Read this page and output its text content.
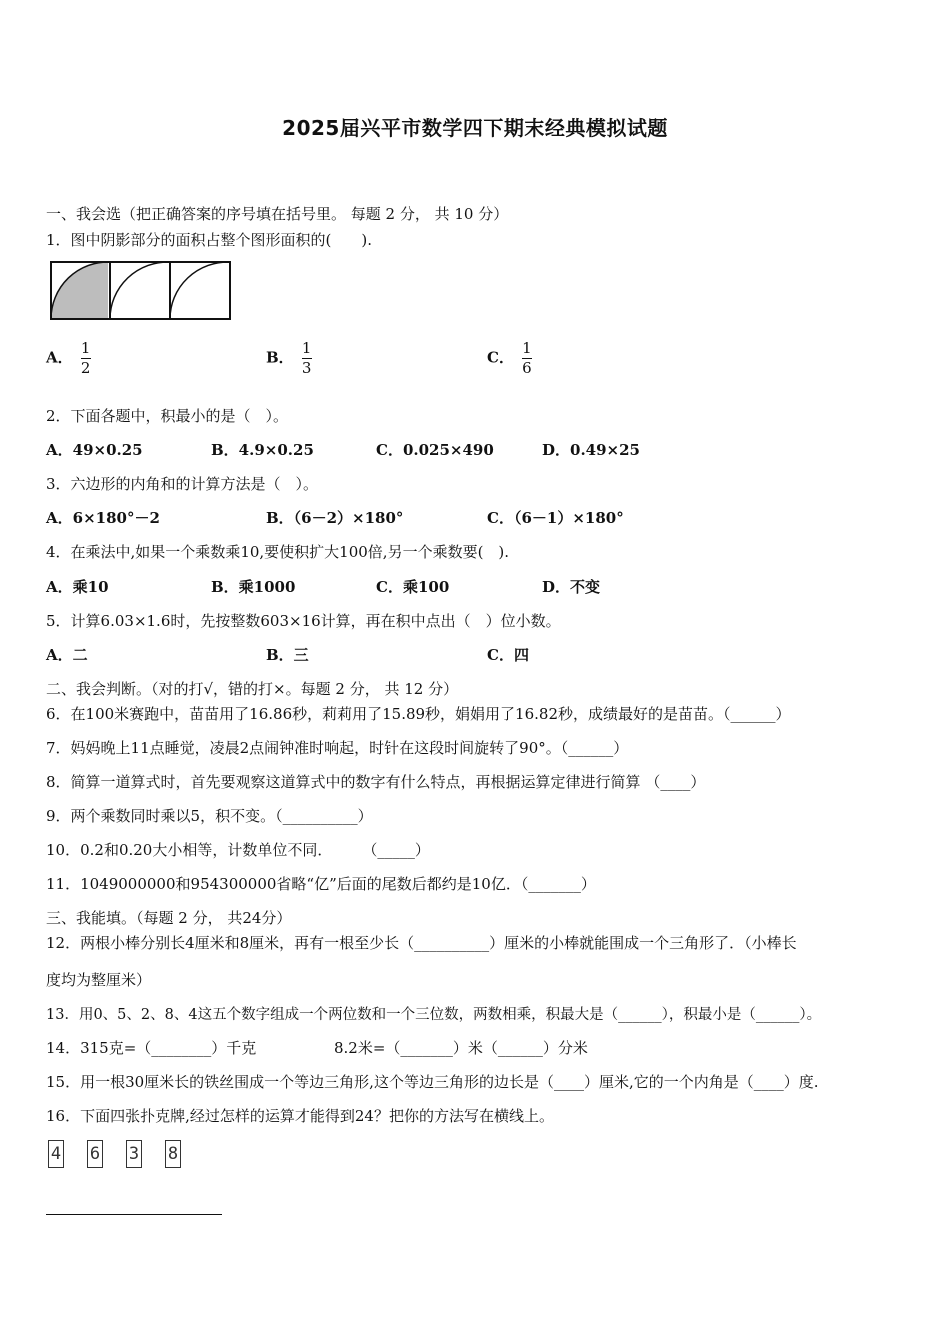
2025届兴平市数学四下期末经典模拟试题
一、我会选（把正确答案的序号填在括号里。 每题 2 分， 共 10 分）
1．图中阴影部分的面积占整个图形面积的(　　).
A． $\frac{1}{2}$	B． $\frac{1}{3}$	C． $\frac{1}{6}$
2．下面各题中，积最小的是（　）。
A．49×0.25	B．4.9×0.25	C．0.025×490	D．0.49×25
3．六边形的内角和的计算方法是（　）。
A．6×180°－2	B．（6－2）×180°	C．（6－1）×180°
4．在乘法中,如果一个乘数乘10,要使积扩大100倍,另一个乘数要(　).
A．乘10	B．乘1000	C．乘100	D．不变
5．计算6.03×1.6时，先按整数603×16计算，再在积中点出（　）位小数。
A．二	B．三	C．四
二、我会判断。（对的打√，错的打×。每题 2 分， 共 12 分）
6．在100米赛跑中，苗苗用了16.86秒，莉莉用了15.89秒，娟娟用了16.82秒，成绩最好的是苗苗。（______）
7．妈妈晚上11点睡觉，凌晨2点闹钟准时响起，时针在这段时间旋转了90°。（______）
8．简算一道算式时，首先要观察这道算式中的数字有什么特点，再根据运算定律进行简算 （____）
9．两个乘数同时乘以5，积不变。（__________）
10．0.2和0.20大小相等，计数单位不同．　　　（_____）
11．1049000000和954300000省略“亿”后面的尾数后都约是10亿．（_______）
三、我能填。（每题 2 分， 共24分）
12．两根小棒分别长4厘米和8厘米，再有一根至少长（__________）厘米的小棒就能围成一个三角形了．（小棒长
度均为整厘米）
13．用0、5、2、8、4这五个数字组成一个两位数和一个三位数，两数相乘，积最大是（______），积最小是（______）。
14．315克=（________）千克	8.2米=（_______）米（______）分米
15．用一根30厘米长的铁丝围成一个等边三角形,这个等边三角形的边长是（____）厘米,它的一个内角是（____）度.
16．下面四张扑克牌,经过怎样的运算才能得到24？把你的方法写在横线上。
4 6 3 8
